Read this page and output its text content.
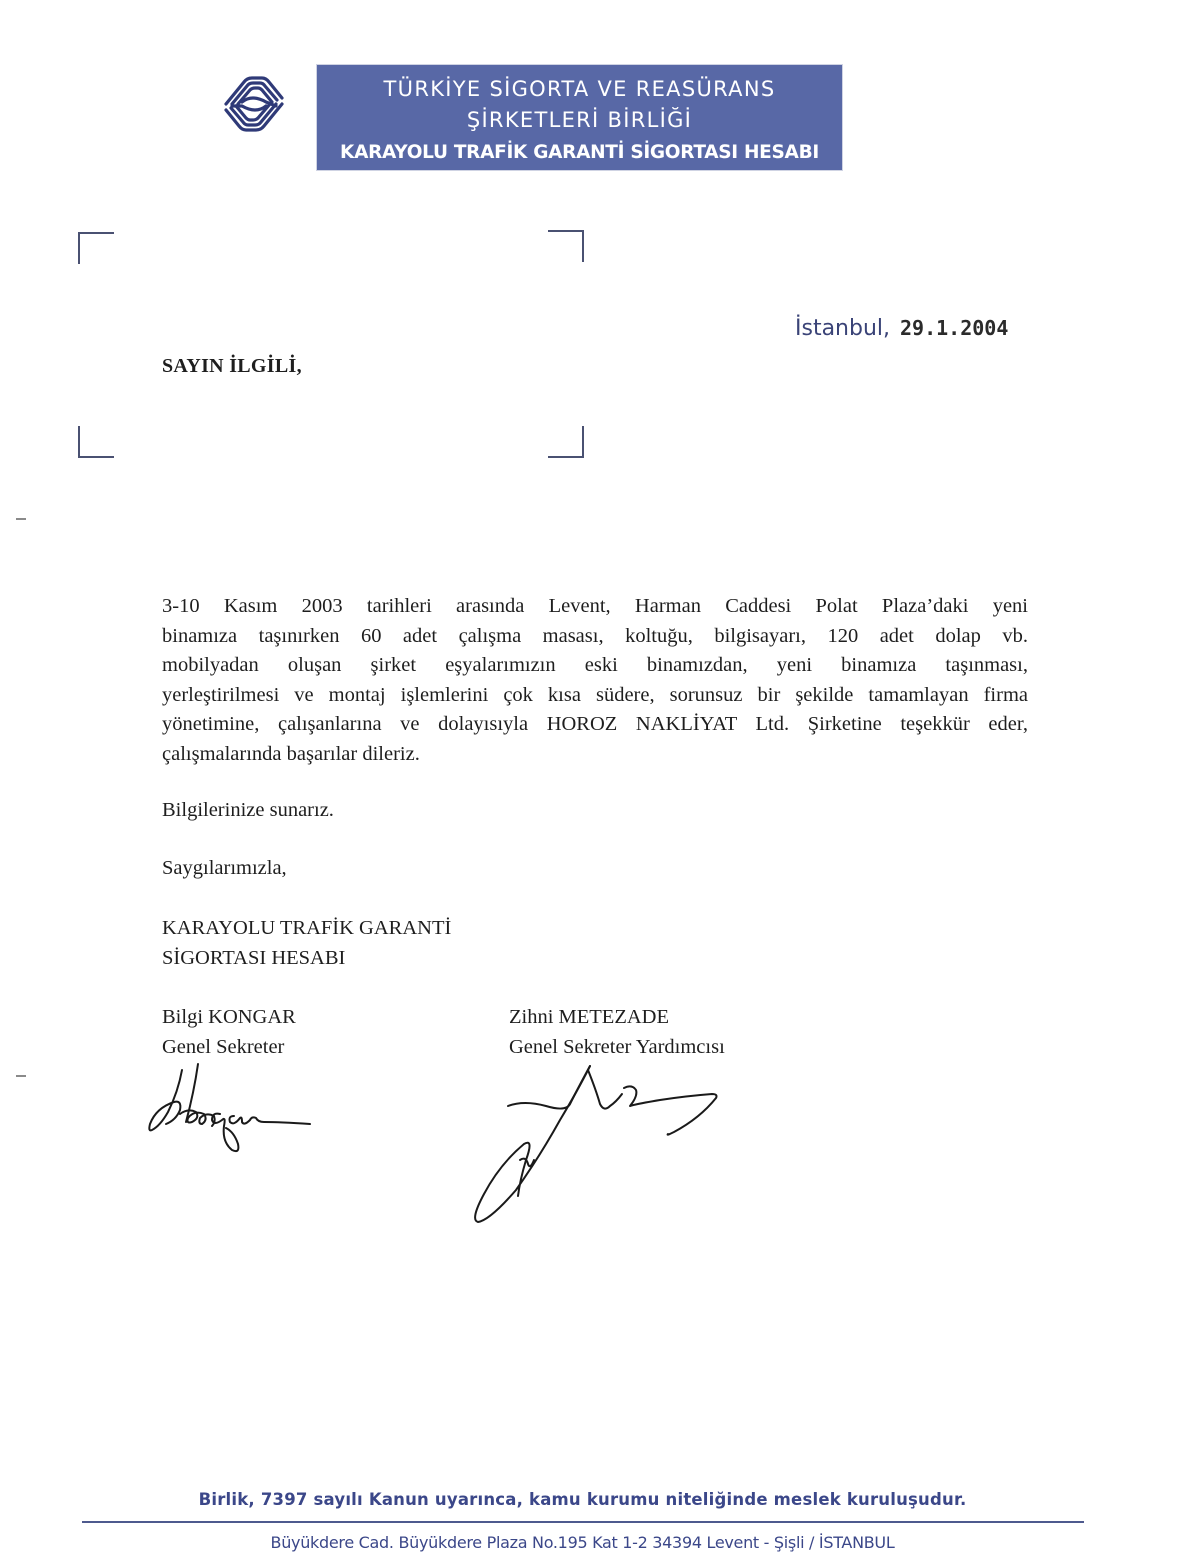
TÜRKİYE SİGORTA VE REASÜRANS
ŞİRKETLERİ BİRLİĞİ
KARAYOLU TRAFİK GARANTİ SİGORTASI HESABI
İstanbul, 29.1.2004
SAYIN İLGİLİ,
3-10 Kasım 2003 tarihleri arasında Levent, Harman Caddesi Polat Plaza’daki yeni
binamıza taşınırken 60 adet çalışma masası, koltuğu, bilgisayarı, 120 adet dolap vb.
mobilyadan oluşan şirket eşyalarımızın eski binamızdan, yeni binamıza taşınması,
yerleştirilmesi ve montaj işlemlerini çok kısa südere, sorunsuz bir şekilde tamamlayan firma
yönetimine, çalışanlarına ve dolayısıyla HOROZ NAKLİYAT Ltd. Şirketine teşekkür eder,
çalışmalarında başarılar dileriz.
Bilgilerinize sunarız.
Saygılarımızla,
KARAYOLU TRAFİK GARANTİ
SİGORTASI HESABI
Bilgi KONGAR
Genel Sekreter
Zihni METEZADE
Genel Sekreter Yardımcısı
Birlik, 7397 sayılı Kanun uyarınca, kamu kurumu niteliğinde meslek kuruluşudur.
Büyükdere Cad. Büyükdere Plaza No.195 Kat 1-2 34394 Levent - Şişli / İSTANBUL
